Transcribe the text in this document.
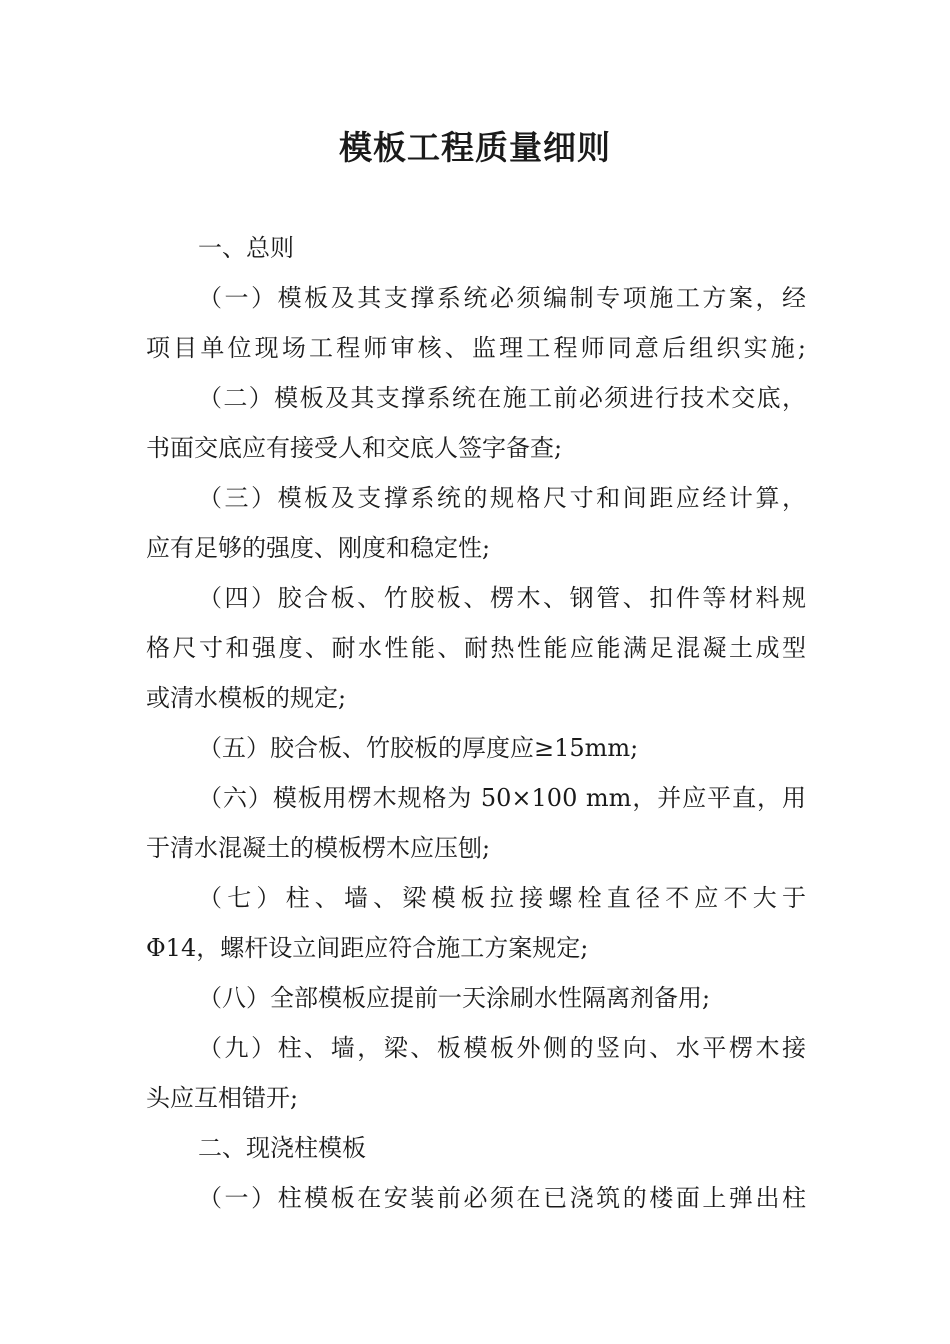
模板工程质量细则

一、总则

（一）模板及其支撑系统必须编制专项施工方案，经

项目单位现场工程师审核、监理工程师同意后组织实施;

（二）模板及其支撑系统在施工前必须进行技术交底，

书面交底应有接受人和交底人签字备查;

（三）模板及支撑系统的规格尺寸和间距应经计算，

应有足够的强度、刚度和稳定性;

（四）胶合板、竹胶板、楞木、钢管、扣件等材料规

格尺寸和强度、耐水性能、耐热性能应能满足混凝土成型

或清水模板的规定;

（五）胶合板、竹胶板的厚度应≥15mm;

（六）模板用楞木规格为 50×100 mm，并应平直，用

于清水混凝土的模板楞木应压刨;

（七）柱、墙、梁模板拉接螺栓直径不应不大于

Φ14，螺杆设立间距应符合施工方案规定;

（八）全部模板应提前一天涂刷水性隔离剂备用;

（九）柱、墙，梁、板模板外侧的竖向、水平楞木接

头应互相错开;

二、现浇柱模板

（一）柱模板在安装前必须在已浇筑的楼面上弹出柱
